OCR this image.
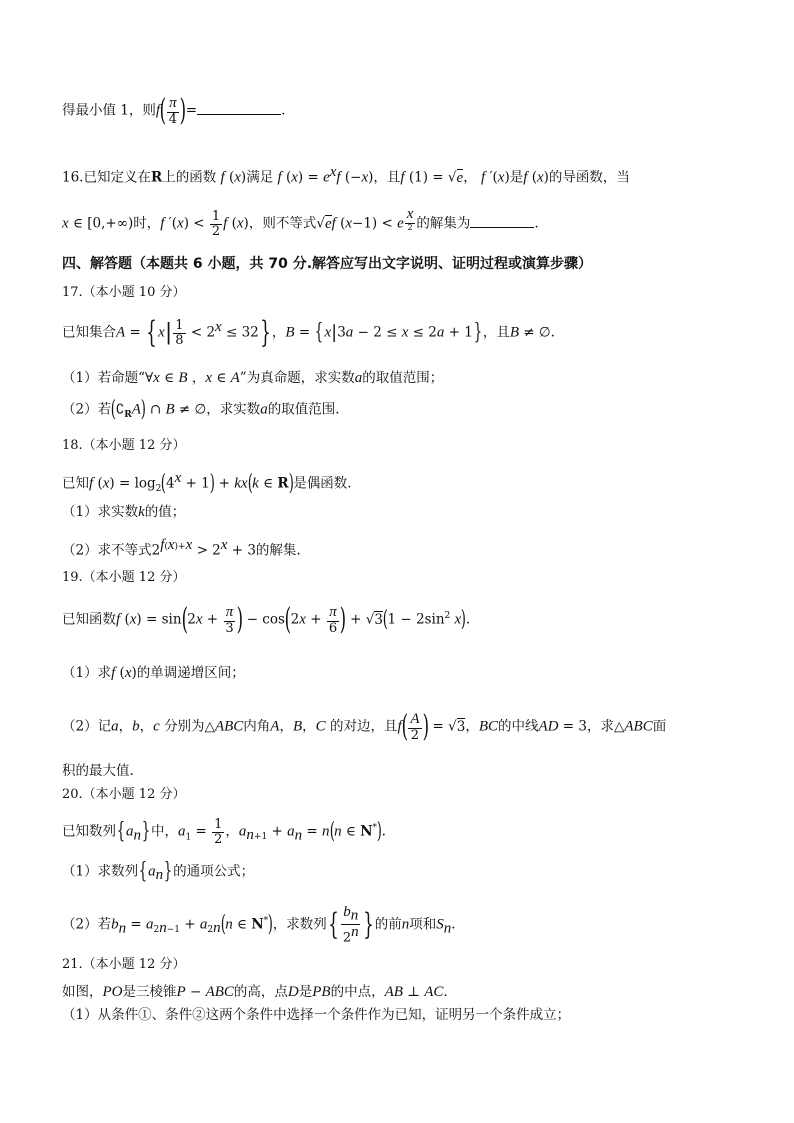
得最小值 1，则$f( \frac{\pi}{4}$ )=	.
16.已知定义在R上的函数 f (x)满足 f $(x) = e^xf$ (−x)，且f (1) = √e， f ′(x)是f (x)的导函数，当
x ∈ [0,+∞)时，f $'(x) < \frac{1}{2}$ f (x)，则不等式√ef (x−1) < e $^{\frac{x}{2}}$ 的解集为	.
四、解答题（本题共 6 小题，共 70 分.解答应写出文字说明、证明过程或演算步骤）
17.（本小题 10 分）
已知集合$A = \{x| \frac{1}{8} < 2^x \le 32\}$，B = {x|3a − 2 ≤ x ≤ 2a + 1}，且B ≠ ∅.
（1）若命题“∀x ∈ B ，x ∈ A”为真命题，求实数a的取值范围；
（2）若$(∁_RA)$ ∩ B ≠ ∅，求实数a的取值范围.
18.（本小题 12 分）
已知f $(x) = \log_2(4^x + 1) + kx(k$ ∈ R)是偶函数.
（1）求实数k的值；
（2）求不等式$2^{f(x)+x} > 2^x + 3$的解集.
19.（本小题 12 分）
已知函数f $(x) = \sin(2x + \frac{\pi}{3}$ ) − $\cos(2x + \frac{\pi}{6}$ ) + $√3(1 - 2\sin^2$ x).
（1）求f (x)的单调递增区间；
（2）记a，b，c 分别为△ABC内角A，B，C 的对边，且$f( \frac{A}{2}$ ) = √3，BC的中线AD = 3，求△ABC面
积的最大值.
20.（本小题 12 分）
已知数列$\{a_n\}$中，$a_1 = \frac{1}{2}$ ，$a_{n+1} + a_n = n(n$ ∈ N*).
（1）求数列$\{a_n\}$的通项公式；
（2）若$b_n = a_{2n-1} + a_{2n}(n$ ∈ N*)，求数列{ $\frac{b_n}{2^n}$ }的前n项和$S_n$.
21.（本小题 12 分）
如图，PO是三棱锥P − ABC的高，点D是PB的中点，AB ⊥ AC.
（1）从条件①、条件②这两个条件中选择一个条件作为已知，证明另一个条件成立；
